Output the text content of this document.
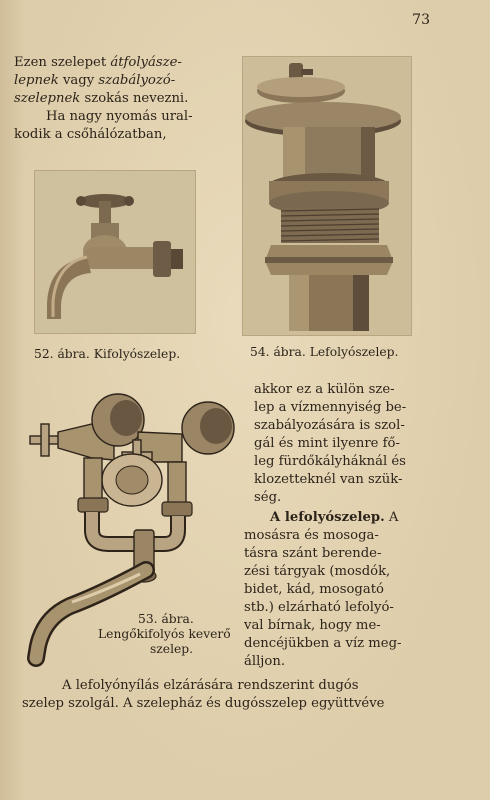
73
Ezen szelepet átfolyásze-
lepnek vagy szabályozó-
szelepnek szokás nevezni.
Ha nagy nyomás ural-
kodik a csőhálózatban,
52. ábra. Kifolyószelep.	54. ábra. Lefolyószelep.
53. ábra.
Lengőkifolyós keverő
szelep.
akkor ez a külön sze-
lep a vízmennyiség be-
szabályozására is szol-
gál és mint ilyenre fő-
leg fürdőkályháknál és
klozetteknél van szük-
ség.
A lefolyószelep. A
mosásra és mosoga-
tásra szánt berende-
zési tárgyak (mosdók,
bidet, kád, mosogató
stb.) elzárható lefolyó-
val bírnak, hogy me-
dencéjükben a víz meg-
álljon.
A lefolyónyílás elzárására rendszerint dugós
szelep szolgál. A szelepház és dugósszelep együttvéve
